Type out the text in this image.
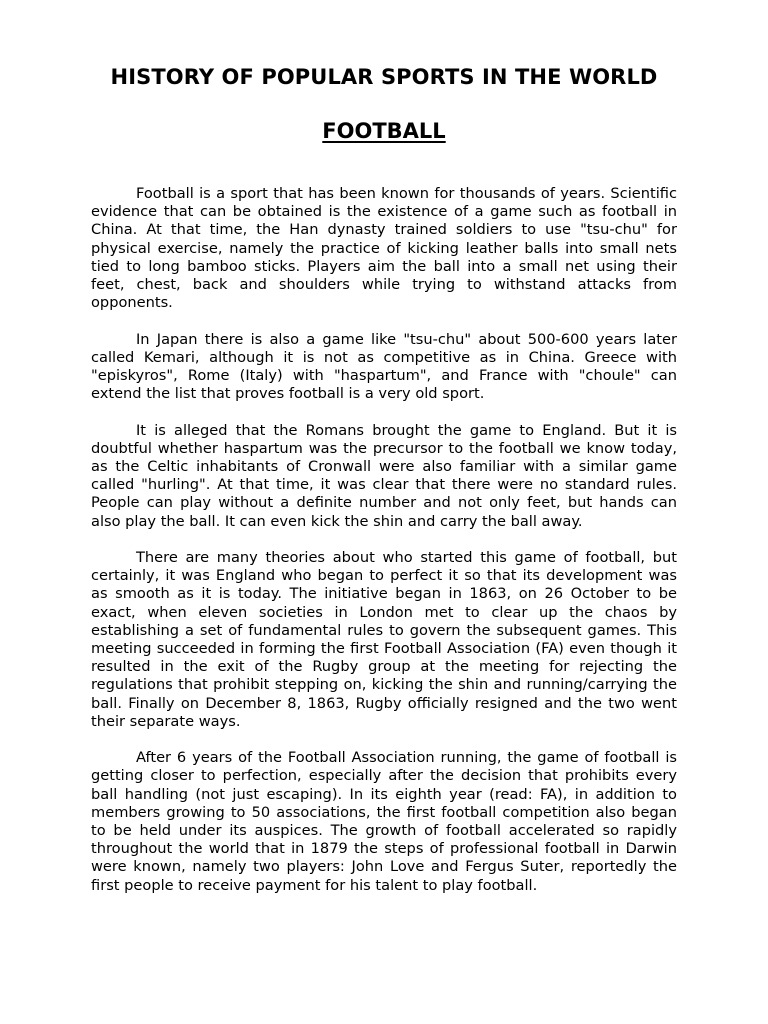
HISTORY OF POPULAR SPORTS IN THE WORLD
FOOTBALL

Football is a sport that has been known for thousands of years. Scientific evidence that can be obtained is the existence of a game such as football in China. At that time, the Han dynasty trained soldiers to use "tsu-chu" for physical exercise, namely the practice of kicking leather balls into small nets tied to long bamboo sticks. Players aim the ball into a small net using their feet, chest, back and shoulders while trying to withstand attacks from opponents.

In Japan there is also a game like "tsu-chu" about 500-600 years later called Kemari, although it is not as competitive as in China. Greece with "episkyros", Rome (Italy) with "haspartum", and France with "choule" can extend the list that proves football is a very old sport.

It is alleged that the Romans brought the game to England. But it is doubtful whether haspartum was the precursor to the football we know today, as the Celtic inhabitants of Cronwall were also familiar with a similar game called "hurling". At that time, it was clear that there were no standard rules. People can play without a definite number and not only feet, but hands can also play the ball. It can even kick the shin and carry the ball away.

There are many theories about who started this game of football, but certainly, it was England who began to perfect it so that its development was as smooth as it is today. The initiative began in 1863, on 26 October to be exact, when eleven societies in London met to clear up the chaos by establishing a set of fundamental rules to govern the subsequent games. This meeting succeeded in forming the first Football Association (FA) even though it resulted in the exit of the Rugby group at the meeting for rejecting the regulations that prohibit stepping on, kicking the shin and running/carrying the ball. Finally on December 8, 1863, Rugby officially resigned and the two went their separate ways.

After 6 years of the Football Association running, the game of football is getting closer to perfection, especially after the decision that prohibits every ball handling (not just escaping). In its eighth year (read: FA), in addition to members growing to 50 associations, the first football competition also began to be held under its auspices. The growth of football accelerated so rapidly throughout the world that in 1879 the steps of professional football in Darwin were known, namely two players: John Love and Fergus Suter, reportedly the first people to receive payment for his talent to play football.
